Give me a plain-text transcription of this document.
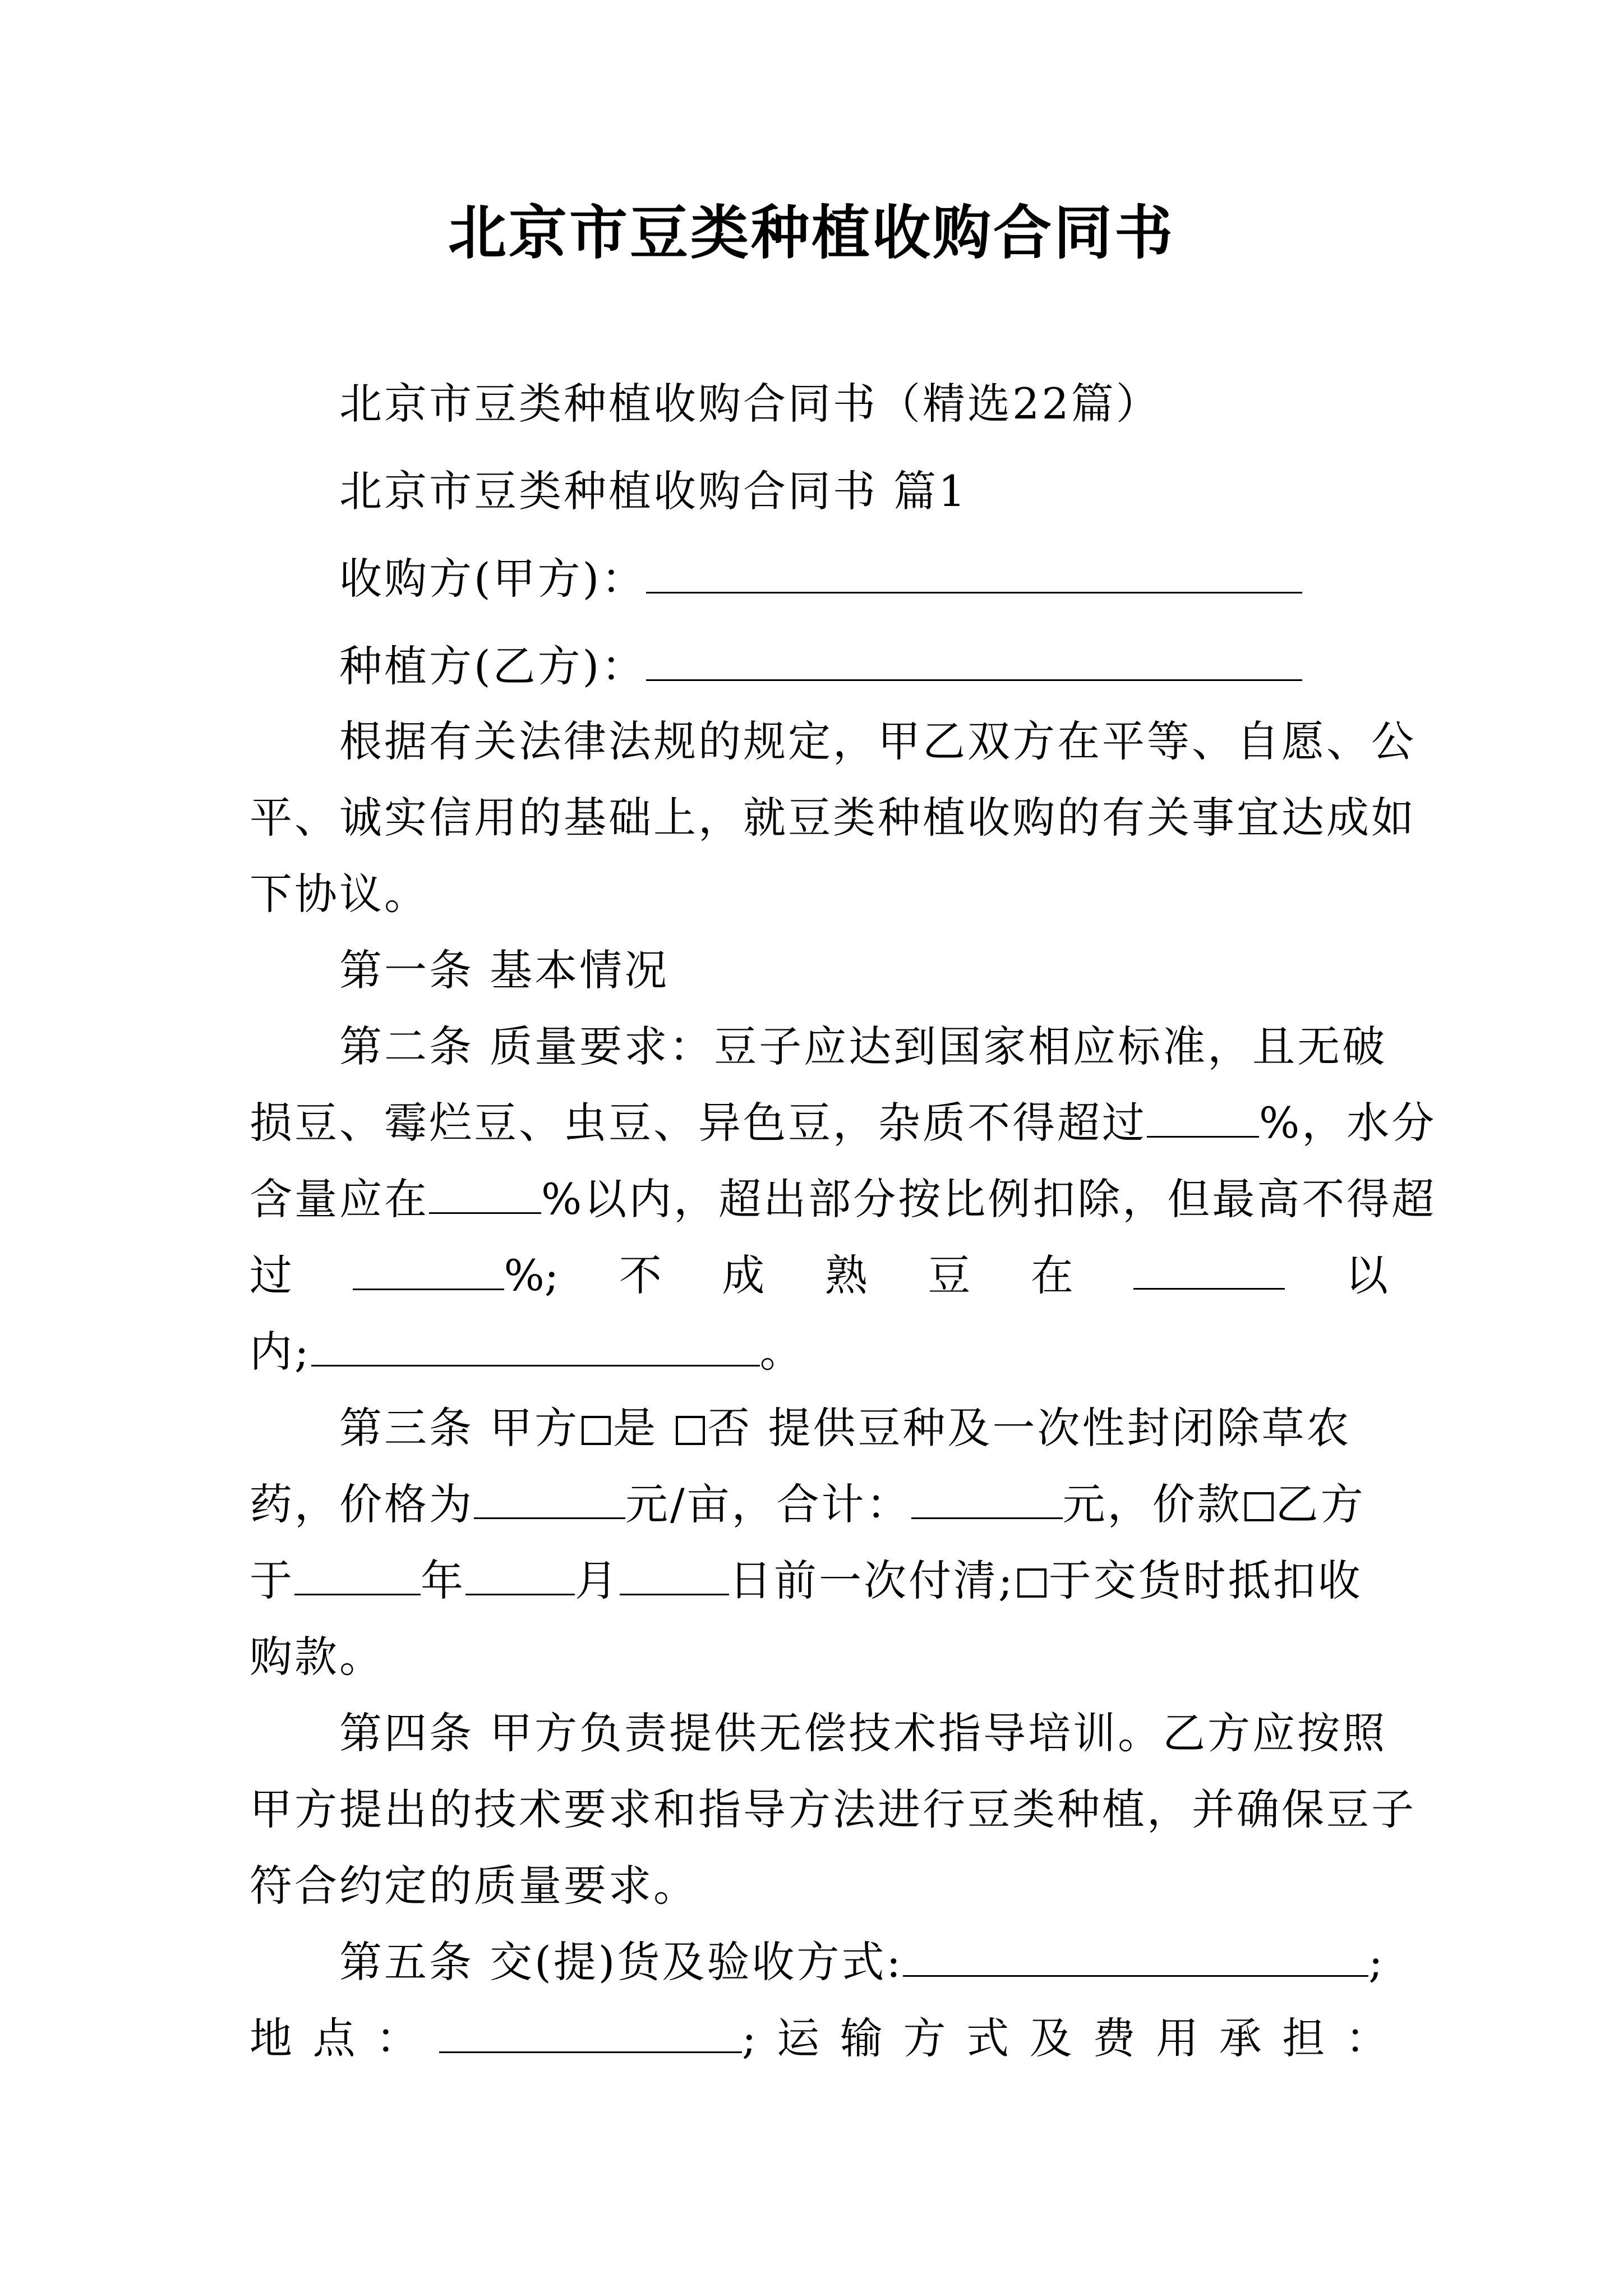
北京市豆类种植收购合同书
北京市豆类种植收购合同书（精选22篇）
北京市豆类种植收购合同书 篇1
收购方(甲方)：
种植方(乙方)：
根据有关法律法规的规定，甲乙双方在平等、自愿、公
平、诚实信用的基础上，就豆类种植收购的有关事宜达成如
下协议。
第一条 基本情况
第二条 质量要求：豆子应达到国家相应标准，且无破
损豆、霉烂豆、虫豆、异色豆，杂质不得超过	%，水分
含量应在	%以内，超出部分按比例扣除，但最高不得超
过	%; 不 成 熟 豆 在	以
内;	。
第三条 甲方 是 否 提供豆种及一次性封闭除草农
药，价格为	元/亩，合计：	元，价款 乙方
于	年	月	日前一次付清; 于交货时抵扣收
购款。
第四条 甲方负责提供无偿技术指导培训。乙方应按照
甲方提出的技术要求和指导方法进行豆类种植，并确保豆子
符合约定的质量要求。
第五条 交(提)货及验收方式:	;
地 点 ：	; 运 输 方 式 及 费 用 承 担 ：
